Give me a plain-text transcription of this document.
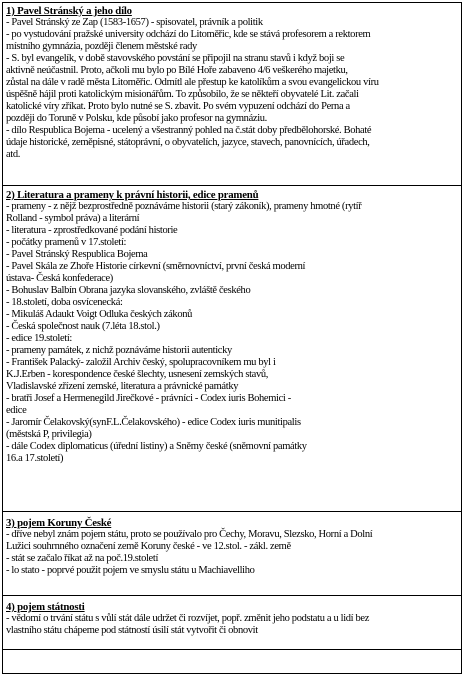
1) Pavel Stránský a jeho dílo
- Pavel Stránský ze Zap (1583-1657) - spisovatel, právník a politik
- po vystudování pražské university odchází do Litoměřic, kde se stává profesorem a rektorem
místního gymnázia, později členem městské rady
- S. byl evangelík, v době stavovského povstání se připojil na stranu stavů i když boji se
aktivně neúčastnil. Proto, ačkoli mu bylo po Bílé Hoře zabaveno 4/6 veškerého majetku,
zůstal na dále v radě města Litoměřic. Odmítl ale přestup ke katolíkům a svou evangelickou víru
úspěšně hájil proti katolickým misionářům. To způsobilo, že se někteří obyvatelé Lit. začali
katolické víry zříkat. Proto bylo nutné se S. zbavit. Po svém vypuzení odchází do Perna a
později do Toruně v Polsku, kde působí jako profesor na gymnáziu.
- dílo Respublica Bojema - ucelený a všestranný pohled na č.stát doby předbělohorské. Bohaté
údaje historické, zeměpisné, státoprávní, o obyvatelích, jazyce, stavech, panovnících, úřadech,
atd.
2) Literatura a prameny k právní historii, edice pramenů
- prameny - z nějž bezprostředně poznáváme historii (starý zákoník), prameny hmotné (rytíř
Rolland - symbol práva) a literární
- literatura - zprostředkované podání historie
- počátky pramenů v 17.století:
- Pavel Stránský Respublica Bojema
- Pavel Skála ze Zhoře Historie církevní (směrnovníctví, první česká moderní
ústava- Česká konfederace)
- Bohuslav Balbín Obrana jazyka slovanského, zvláště českého
- 18.století, doba osvícenecká:
- Mikuláš Adaukt Voigt Odluka českých zákonů
- Česká společnost nauk (7.léta 18.stol.)
- edice 19.století:
- prameny památek, z nichž poznáváme historii autenticky
- František Palacký- založil Archiv český, spolupracovníkem mu byl i
K.J.Erben - korespondence české šlechty, usnesení zemských stavů,
Vladislavské zřízení zemské, literatura a právnické památky
- bratři Josef a Hermenegild Jirečkové - právníci - Codex iuris Bohemici -
edice
- Jaromír Čelakovský(synF.L.Čelakovského) - edice Codex iuris munitipalis
(městská P, privilegia)
- dále Codex diplomaticus (úřední listiny) a Sněmy české (sněmovní památky
16.a 17.století)
3) pojem Koruny České
- dříve nebyl znám pojem státu, proto se používalo pro Čechy, Moravu, Slezsko, Horní a Dolní
Lužici souhrnného označení země Koruny české - ve 12.stol. - zákl. země
- stát se začalo říkat až na poč.19.století
- lo stato - poprvé použit pojem ve smyslu státu u Machiavelliho
4) pojem státnosti
- vědomí o trvání státu s vůlí stát dále udržet či rozvíjet, popř. změnit jeho podstatu a u lidí bez
vlastního státu chápeme pod státností úsilí stát vytvořit či obnovit
